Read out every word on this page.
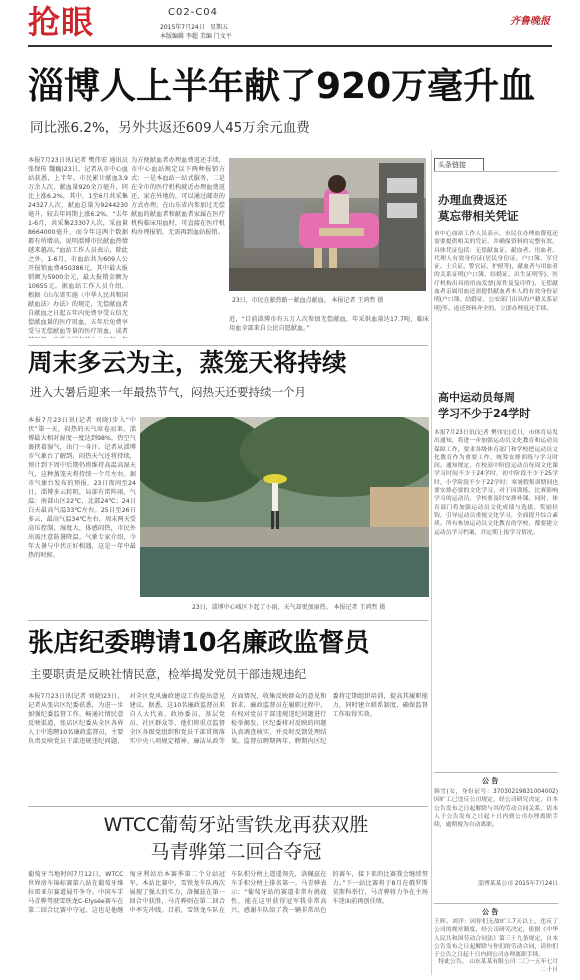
抢眼	C02-C04
2015年7月24日 星期五
本版编辑 李超 美编 门文平
齐鲁晚报
淄博人上半年献了920万毫升血
同比涨6.2%，另外共返还609人45万余元血费
本报7月23日讯(记者 樊伟宏 通讯员 张保传 魏巍)23日，记者从市中心血站获悉，上半年，市民累计献血3.9万余人次，献血量920余万毫升，同比上涨6.2%，其中，1至6月共采集24327人次，献血总量为9244230毫升，较去年同期上涨6.2%。“去年1-6月，共采集23307人次，采血量8664000毫升，而今年这两个数据都有所增高，说明淄博市民献血热情越来越高。”血站工作人员表示，除此之外，1-6月，市血站共为609人公开报销血费450386元，其中最大报销额为5900余元，最大报销金额为10655元。据血站工作人员介绍，根据《山东省实施〈中华人民共和国献血法〉办法》的规定，无偿献血者自献血之日起五年内免费享受五倍无偿献血量的医疗用血，五年后免费享受与无偿献血等量的医疗用血，成者
为方便献血者办理血费返还手续，市中心血站规定以下两种报销方式：一是本血站一站式服务，二是在全市的医疗机构就近办理血费返还，家在外地的，可以通过邮寄的方式办理。在山东省内参加过无偿献血的献血者和献血者家属在医疗机构临床用血时，可直接在医疗机构办理报销，无需再到血站报销。
23日，市民在献热路一献血点献血。 本报记者 王鸿哲 摄
近，“目前淄博市有五万人次参加无偿献血，年采供血量达17.7吨，临床用血全部来自公民自愿献血。”
头条链接
办理血费返还
莫忘带相关凭证
市中心血站工作人员表示，市民在办理血费返还需要提供相关的凭证，并确保资料的完整有效。具体凭证包括：无偿献血证、献血者、用血者、代理人有效身份证(居民身份证、户口簿、军官证、士兵证、警官证、护照等)，献血者与用血者的关系证明(户口簿、结婚证、出生证明等)，医疗机构出具的用血发票(原件及复印件)、无偿献血者亲属用血还需提供献血者本人的有效身份证明(户口簿、结婚证、公安部门出具的户籍关系证明)等。返还资料齐全的，立即办理返还手续。
周末多云为主，蒸笼天将持续
进入大暑后迎来一年最热节气，闷热天还要持续一个月
本报7月23日讯(记者 刘晓)步入“中伏”第一天，闷热的天气席卷而来。淄博最大相对湿度一度达到98%，热空气裹挟着湿气，出门一身汗。记者从淄博市气象台了解到，闷热天气还将持续，预计到下周中后期仍将维持高温高湿天气，这种蒸笼天将持续一个月左右。据市气象台发布的预报，23日夜间至24日，淄博多云转阴，局部有雷阵雨，气温：南部山区22℃，北部24℃；24日白天最高气温33℃左右。25日至26日多云，最高气温34℃左右。周末两天受高压控制，湿度大，体感闷热，市民外出需注意防暑降温。气象专家介绍，今年大暑与中伏正好相遇，这是一年中最热的时候。
23日，淄博中心城区下起了小雨，天气却更加湿热。 本报记者 王鸿哲 摄
高中运动员每周
学习不少于24学时
本报7月23日讯(记者 樊伟宏)近日，市体育局发出通知，将进一步加强运动员文化教育和运动员保障工作，要求各级体育部门和学校把运动员文化教育作为重要工作，统筹安排训练与学习时间。通知规定，在校高中阶段运动员每周文化课学习时间不少于24学时，初中阶段不少于25学时，小学阶段不少于22学时；寒暑假集训期间也要安排必要的文化学习。对于因训练、比赛影响学习的运动员，学校要及时安排补课。同时，体育部门将加强运动员文化成绩与选拔、奖励挂钩，引导运动员重视文化学习，全面提升综合素质。所有参加运动员文化教育的学校，都要建立运动员学习档案，并定期上报学习情况。
张店纪委聘请10名廉政监督员
主要职责是反映社情民意，检举揭发党员干部违规违纪
本报7月23日讯(记者 刘晓)23日，记者从张店区纪委获悉，为进一步加强纪委监督工作，畅通社情民意反映渠道，张店区纪委从全区各界人士中选聘10名廉政监督员，主要负责反映党员干部违规违纪问题，对全区党风廉政建设工作提出意见建议。据悉，这10名廉政监督员来自人大代表、政协委员、基层党员、社区群众等，他们将重点监督全区各级党组织和党员干部贯彻落实中央八项规定精神、廉洁从政等方面情况，收集反映群众的意见和诉求。廉政监督员在履职过程中，有权对党员干部违规违纪问题进行检举揭发，区纪委将对反映的问题认真调查核实，并及时反馈处理结果。监督员聘期两年，聘期内区纪委将定期组织培训，提高其履职能力，同时建立联系制度，确保监督工作取得实效。
公 告
韩雪(女，身份证号：37030219831004002)因旷工已违反公司规定，经公司研究决定，自本公告发布之日起解除与其的劳动合同关系，请本人于公告发布之日起十日内到公司办理离职手续，逾期视为自动离职。
淄博某某公司 2015年7月24日
公 告
王晖、刘洋：因你们无故旷工7天以上，违反了公司的规章制度，经公司研究决定，依据《中华人民共和国劳动合同法》第三十九条规定，自本公告发布之日起解除与你们的劳动合同，请你们于公告之日起十日内到公司办理离职手续。
特此公告。 山东某某有限公司 二〇一五年七月二十日
WTCC葡萄牙站雪铁龙再获双胜
马青骅第二回合夺冠
葡萄牙当地时间7月12日，WTCC世界房车锦标赛第八站在葡萄牙维拉雷亚尔赛道展开争夺。中国车手马青骅驾驶雪铁龙C-Elysée赛车在第二回合比赛中夺冠，这也是他继匈牙利站后本赛季第二个分站冠军。本站比赛中，雪铁龙车队再次展现了强大的实力，洛佩兹在第一回合中获胜，马青骅则在第二回合中率先冲线。目前，雪铁龙车队在车队积分榜上遥遥领先，洛佩兹在车手积分榜上排名第一。马青骅表示：“葡萄牙站的赛道非常有挑战性，能在这里获得冠军我非常高兴，感谢车队给了我一辆非常出色的赛车，接下来的比赛我会继续努力。”下一站比赛将于8月在俄罗斯莫斯科举行，马青骅将力争在主场车迷面前再创佳绩。
